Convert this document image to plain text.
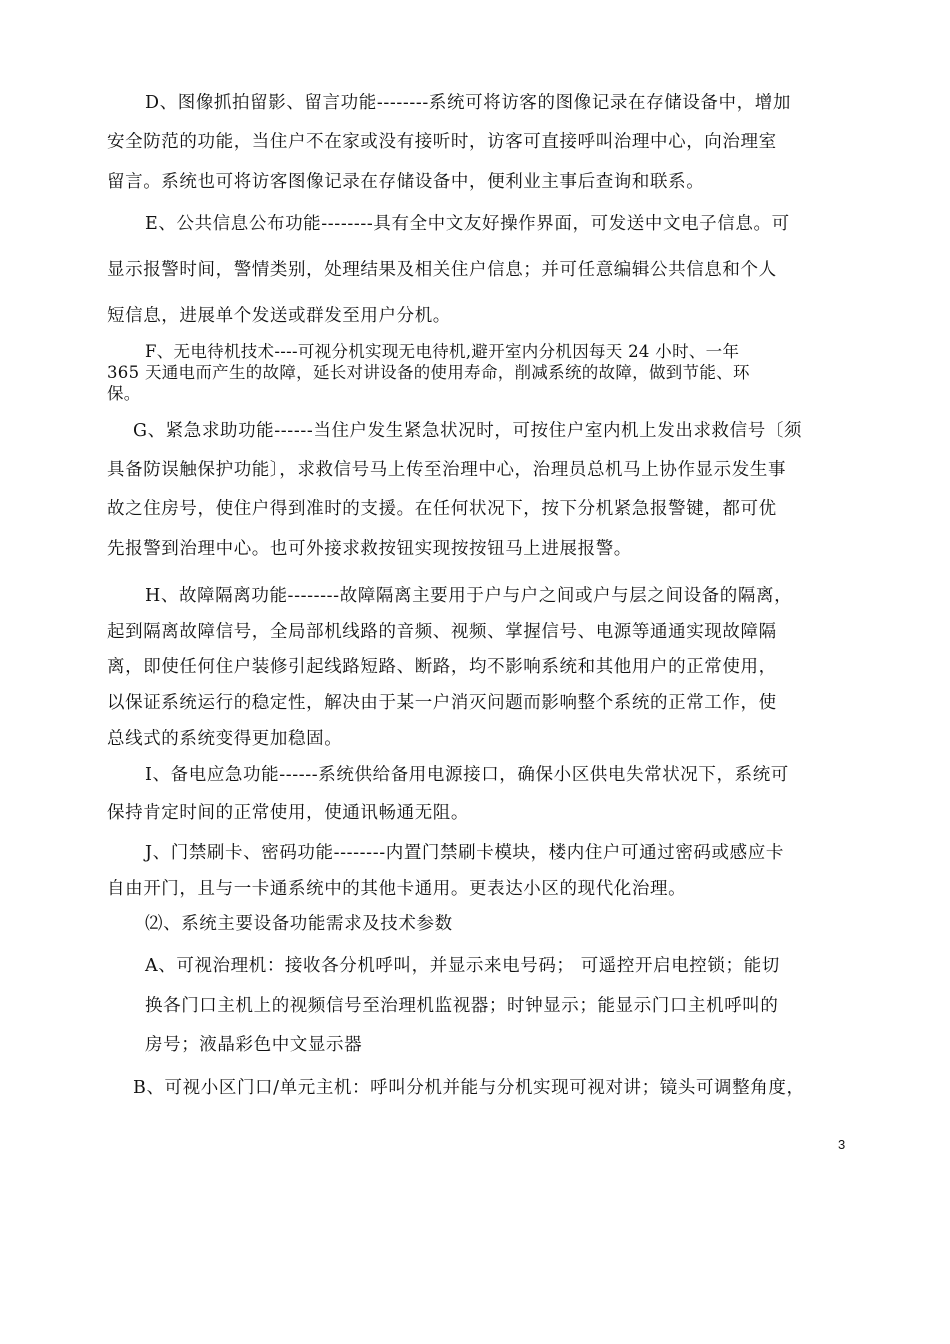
D、图像抓拍留影、留言功能--------系统可将访客的图像记录在存储设备中，增加
安全防范的功能，当住户不在家或没有接听时，访客可直接呼叫治理中心，向治理室
留言。系统也可将访客图像记录在存储设备中，便利业主事后查询和联系。
E、公共信息公布功能--------具有全中文友好操作界面，可发送中文电子信息。可
显示报警时间，警情类别，处理结果及相关住户信息；并可任意编辑公共信息和个人
短信息，进展单个发送或群发至用户分机。
F、无电待机技术----可视分机实现无电待机,避开室内分机因每天 24 小时、一年
365 天通电而产生的故障，延长对讲设备的使用寿命，削减系统的故障，做到节能、环
保。
G、紧急求助功能------当住户发生紧急状况时，可按住户室内机上发出求救信号〔须
具备防误触保护功能〕，求救信号马上传至治理中心，治理员总机马上协作显示发生事
故之住房号，使住户得到准时的支援。在任何状况下，按下分机紧急报警键，都可优
先报警到治理中心。也可外接求救按钮实现按按钮马上进展报警。
H、故障隔离功能--------故障隔离主要用于户与户之间或户与层之间设备的隔离，
起到隔离故障信号，全局部机线路的音频、视频、掌握信号、电源等通通实现故障隔
离，即使任何住户装修引起线路短路、断路，均不影响系统和其他用户的正常使用，
以保证系统运行的稳定性，解决由于某一户消灭问题而影响整个系统的正常工作，使
总线式的系统变得更加稳固。
I、备电应急功能------系统供给备用电源接口，确保小区供电失常状况下，系统可
保持肯定时间的正常使用，使通讯畅通无阻。
J、门禁刷卡、密码功能--------内置门禁刷卡模块，楼内住户可通过密码或感应卡
自由开门，且与一卡通系统中的其他卡通用。更表达小区的现代化治理。
⑵、系统主要设备功能需求及技术参数
A、可视治理机：接收各分机呼叫，并显示来电号码； 可遥控开启电控锁；能切
换各门口主机上的视频信号至治理机监视器；时钟显示；能显示门口主机呼叫的
房号；液晶彩色中文显示器
B、可视小区门口/单元主机：呼叫分机并能与分机实现可视对讲；镜头可调整角度，
3
